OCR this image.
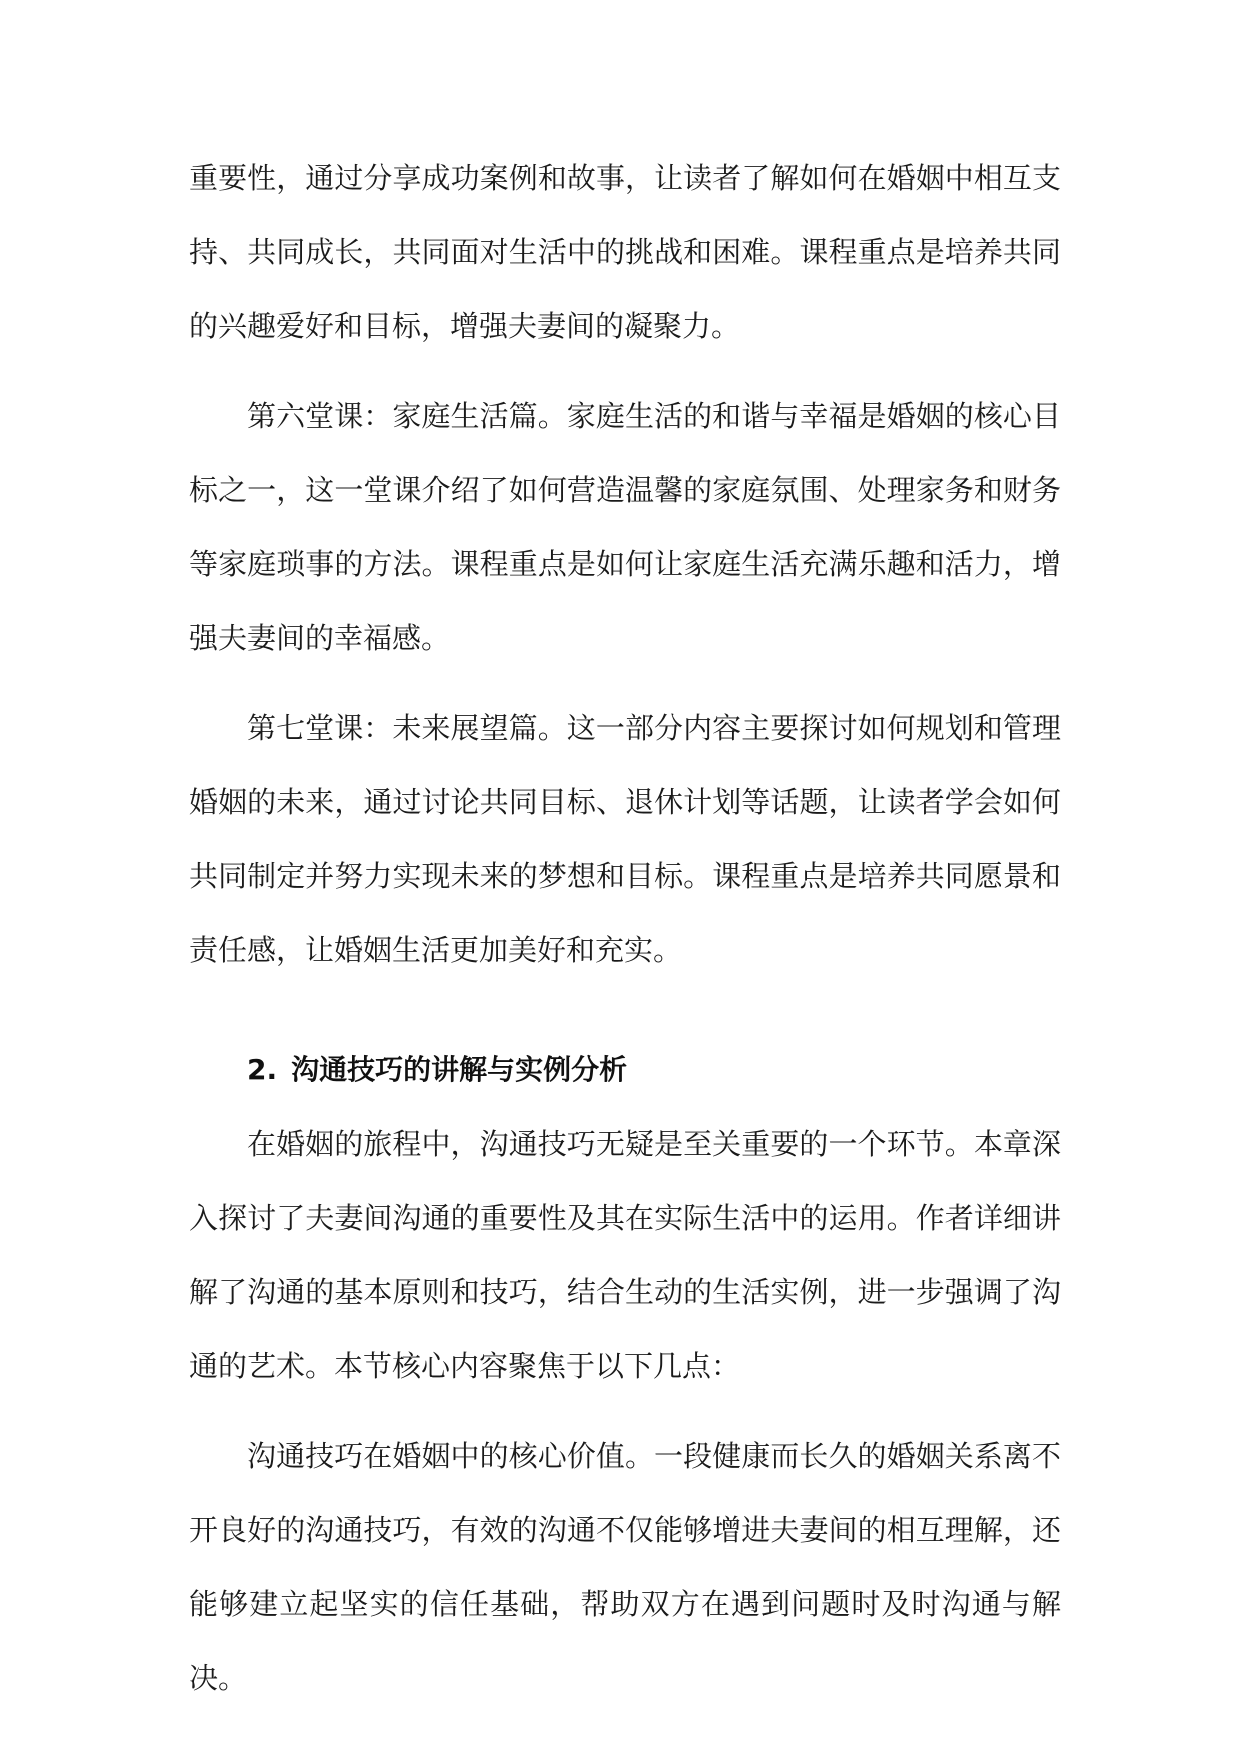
重要性，通过分享成功案例和故事，让读者了解如何在婚姻中相互支持、共同成长，共同面对生活中的挑战和困难。课程重点是培养共同的兴趣爱好和目标，增强夫妻间的凝聚力。

第六堂课：家庭生活篇。家庭生活的和谐与幸福是婚姻的核心目标之一，这一堂课介绍了如何营造温馨的家庭氛围、处理家务和财务等家庭琐事的方法。课程重点是如何让家庭生活充满乐趣和活力，增强夫妻间的幸福感。

第七堂课：未来展望篇。这一部分内容主要探讨如何规划和管理婚姻的未来，通过讨论共同目标、退休计划等话题，让读者学会如何共同制定并努力实现未来的梦想和目标。课程重点是培养共同愿景和责任感，让婚姻生活更加美好和充实。

2. 沟通技巧的讲解与实例分析

在婚姻的旅程中，沟通技巧无疑是至关重要的一个环节。本章深入探讨了夫妻间沟通的重要性及其在实际生活中的运用。作者详细讲解了沟通的基本原则和技巧，结合生动的生活实例，进一步强调了沟通的艺术。本节核心内容聚焦于以下几点：

沟通技巧在婚姻中的核心价值。一段健康而长久的婚姻关系离不开良好的沟通技巧，有效的沟通不仅能够增进夫妻间的相互理解，还能够建立起坚实的信任基础，帮助双方在遇到问题时及时沟通与解决。
